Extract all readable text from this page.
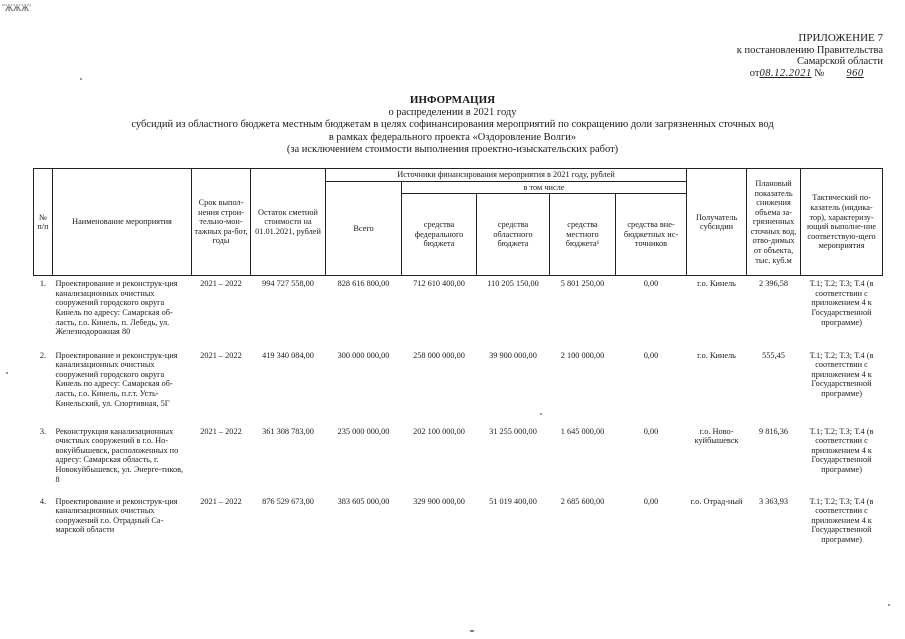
˝ЖЖЖ′
ПРИЛОЖЕНИЕ 7
к постановлению Правительства
Самарской области
от08.12.2021 № 960
ИНФОРМАЦИЯ
о распределении в 2021 году
субсидий из областного бюджета местным бюджетам в целях софинансирования мероприятий по сокращению доли загрязненных сточных вод
в рамках федерального проекта «Оздоровление Волги»
(за исключением стоимости выполнения проектно-изыскательских работ)
№ п/п	Наименование мероприятия	Срок выпол-нения строи-тельно-мон-тажных ра-бот, годы	Остаток сметной стоимости на 01.01.2021, рублей	Источники финансирования мероприятия в 2021 году, рублей					Получатель субсидии	Плановый показатель снижения объема за-грязненных сточных вод, отво-димых от объекта, тыс. куб.м	Тактический по-казатель (индика-тор), характеризу-ющий выполне-ние соответствую-щего мероприятия
				Всего	в том числе						
					средства федерального бюджета	средства областного бюджета	средства местного бюджета¹	средства вне-бюджетных ис-точников			
1.	Проектирование и реконструк-ция канализационных очистных сооружений городского округа Кинель по адресу: Самарская об-ласть, г.о. Кинель, п. Лебедь, ул. Железнодорожная 80	2021 – 2022	994 727 558,00	828 616 800,00	712 610 400,00	110 205 150,00	5 801 250,00	0,00	г.о. Кинель	2 396,58	Т.1; Т.2; Т.3; Т.4 (в соответствии с приложением 4 к Государственной программе)
2.	Проектирование и реконструк-ция канализационных очистных сооружений городского округа Кинель по адресу: Самарская об-ласть, г.о. Кинель, п.г.т. Усть-Кинельский, ул. Спортивная, 5Г	2021 – 2022	419 340 084,00	300 000 000,00	258 000 000,00	39 900 000,00	2 100 000,00	0,00	г.о. Кинель	555,45	Т.1; Т.2; Т.3; Т.4 (в соответствии с приложением 4 к Государственной программе)
3.	Реконструкция канализационных очистных сооружений в г.о. Но-вокуйбышевск, расположенных по адресу: Самарская область, г. Новокуйбышевск, ул. Энерге-тиков, 8	2021 – 2022	361 308 783,00	235 000 000,00	202 100 000,00	31 255 000,00	1 645 000,00	0,00	г.о. Ново-куйбышевск	9 816,36	Т.1; Т.2; Т.3; Т.4 (в соответствии с приложением 4 к Государственной программе)
4.	Проектирование и реконструк-ция канализационных очистных сооружений г.о. Отрадный Са-марской области	2021 – 2022	876 529 673,00	383 605 000,00	329 900 000,00	51 019 400,00	2 685 600,00	0,00	г.о. Отрад-ный	3 363,93	Т.1; Т.2; Т.3; Т.4 (в соответствии с приложением 4 к Государственной программе)
